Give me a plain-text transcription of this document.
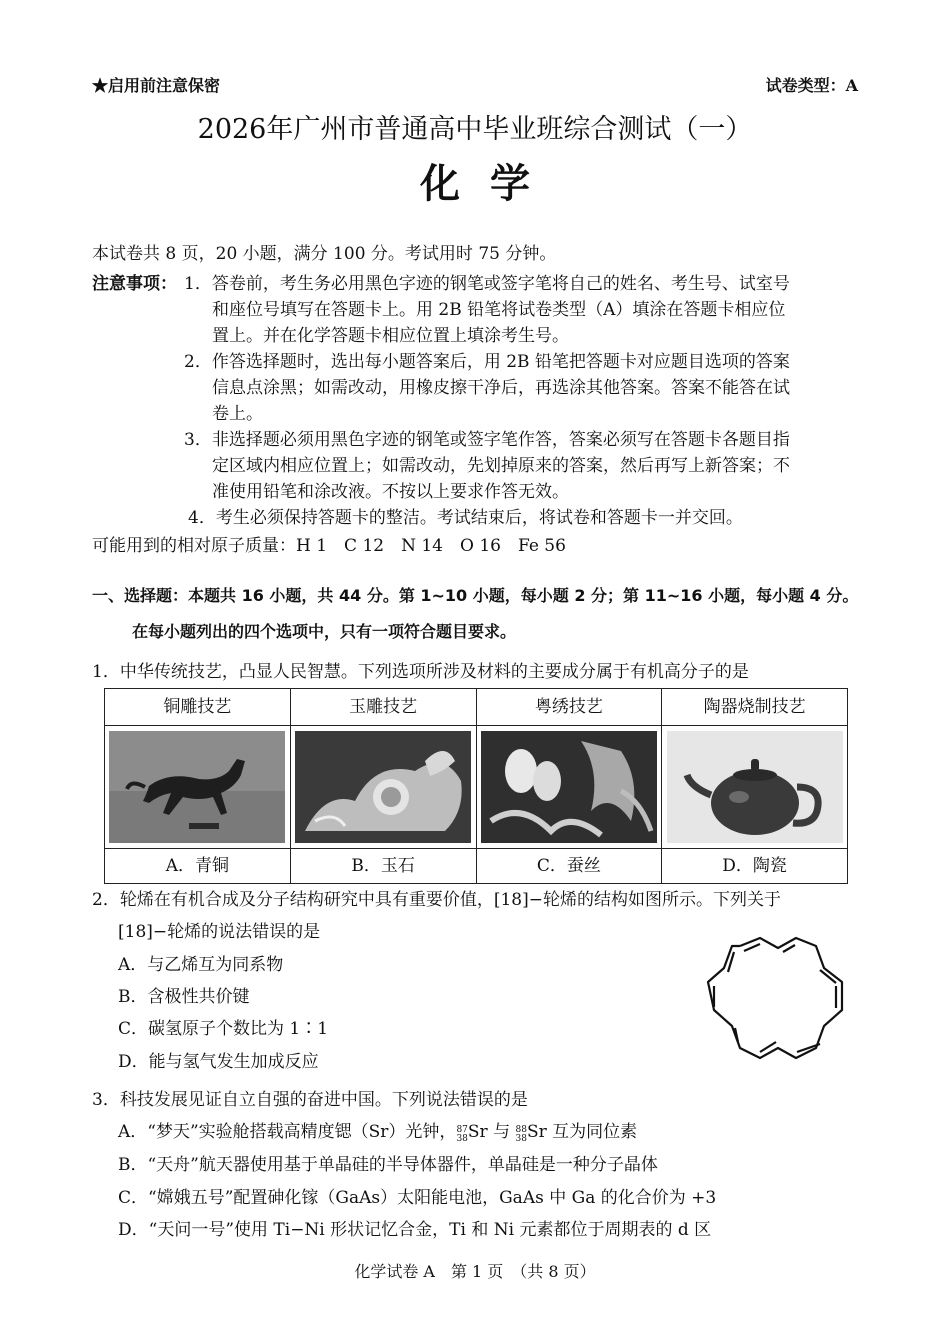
★启用前注意保密	试卷类型：A
2026年广州市普通高中毕业班综合测试（一）
化学
本试卷共 8 页，20 小题，满分 100 分。考试用时 75 分钟。
注意事项： 1．答卷前，考生务必用黑色字迹的钢笔或签字笔将自己的姓名、考生号、试室号
和座位号填写在答题卡上。用 2B 铅笔将试卷类型（A）填涂在答题卡相应位
置上。并在化学答题卡相应位置上填涂考生号。
2．作答选择题时，选出每小题答案后，用 2B 铅笔把答题卡对应题目选项的答案
信息点涂黑；如需改动，用橡皮擦干净后，再选涂其他答案。答案不能答在试
卷上。
3．非选择题必须用黑色字迹的钢笔或签字笔作答，答案必须写在答题卡各题目指
定区域内相应位置上；如需改动，先划掉原来的答案，然后再写上新答案；不
准使用铅笔和涂改液。不按以上要求作答无效。
4．考生必须保持答题卡的整洁。考试结束后，将试卷和答题卡一并交回。
可能用到的相对原子质量：H 1　C 12　N 14　O 16　Fe 56
一、选择题：本题共 16 小题，共 44 分。第 1~10 小题，每小题 2 分；第 11~16 小题，每小题 4 分。
在每小题列出的四个选项中，只有一项符合题目要求。
1．中华传统技艺，凸显人民智慧。下列选项所涉及材料的主要成分属于有机高分子的是
铜雕技艺	玉雕技艺	粤绣技艺	陶器烧制技艺

A．青铜	B．玉石	C．蚕丝	D．陶瓷
2．轮烯在有机合成及分子结构研究中具有重要价值，[18]−轮烯的结构如图所示。下列关于
[18]−轮烯的说法错误的是
A．与乙烯互为同系物
B．含极性共价键
C．碳氢原子个数比为 1∶1
D．能与氢气发生加成反应
3．科技发展见证自立自强的奋进中国。下列说法错误的是
A．“梦天”实验舱搭载高精度锶（Sr）光钟， 87
38 Sr 与 88
38 Sr 互为同位素
B．“天舟”航天器使用基于单晶硅的半导体器件，单晶硅是一种分子晶体
C．“嫦娥五号”配置砷化镓（GaAs）太阳能电池，GaAs 中 Ga 的化合价为 +3
D．“天问一号”使用 Ti−Ni 形状记忆合金，Ti 和 Ni 元素都位于周期表的 d 区
化学试卷 A　第 1 页　（共 8 页）
